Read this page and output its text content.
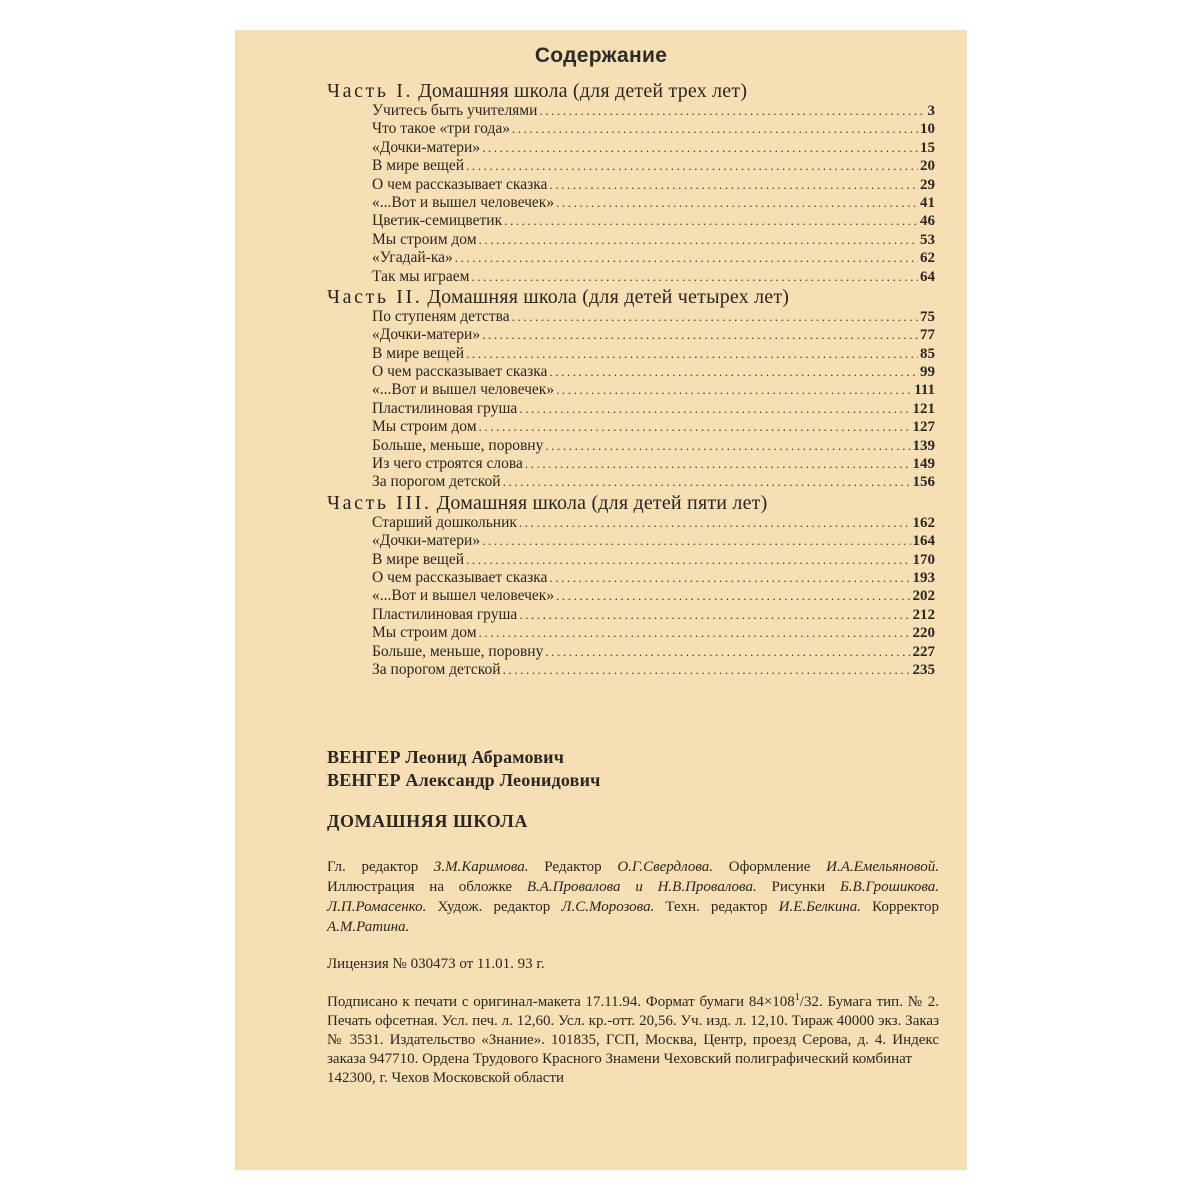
Содержание
Часть I. Домашняя школа (для детей трех лет)
Учитесь быть учителями .....	3
Что такое «три года» .....	10
«Дочки-матери» .....	15
В мире вещей .....	20
О чем рассказывает сказка .....	29
«...Вот и вышел человечек» .....	41
Цветик-семицветик .....	46
Мы строим дом .....	53
«Угадай-ка» .....	62
Так мы играем .....	64
Часть II. Домашняя школа (для детей четырех лет)
По ступеням детства .....	75
«Дочки-матери» .....	77
В мире вещей .....	85
О чем рассказывает сказка .....	99
«...Вот и вышел человечек» .....	111
Пластилиновая груша .....	121
Мы строим дом .....	127
Больше, меньше, поровну .....	139
Из чего строятся слова .....	149
За порогом детской .....	156
Часть III. Домашняя школа (для детей пяти лет)
Старший дошкольник .....	162
«Дочки-матери» .....	164
В мире вещей .....	170
О чем рассказывает сказка .....	193
«...Вот и вышел человечек» .....	202
Пластилиновая груша .....	212
Мы строим дом .....	220
Больше, меньше, поровну .....	227
За порогом детской .....	235
ВЕНГЕР Леонид Абрамович
ВЕНГЕР Александр Леонидович
ДОМАШНЯЯ ШКОЛА
Гл. редактор З.М.Каримова. Редактор О.Г.Свердлова. Оформление И.А.Емельяновой. Иллюстрация на обложке В.А.Провалова и Н.В.Провалова. Рисунки Б.В.Грошикова. Л.П.Ромасенко. Худож. редактор Л.С.Морозова. Техн. редактор И.Е.Белкина. Корректор А.М.Ратина.
Лицензия № 030473 от 11.01. 93 г.
Подписано к печати с оригинал-макета 17.11.94. Формат бумаги $84\times 108^1/32$. Бумага тип. № 2. Печать офсетная. Усл. печ. л. 12,60. Усл. кр.-отт. 20,56. Уч. изд. л. 12,10. Тираж 40000 экз. Заказ № 3531. Издательство «Знание». 101835, ГСП, Москва, Центр, проезд Серова, д. 4. Индекс заказа 947710. Ордена Трудового Красного Знамени Чеховский полиграфический комбинат
142300, г. Чехов Московской области
